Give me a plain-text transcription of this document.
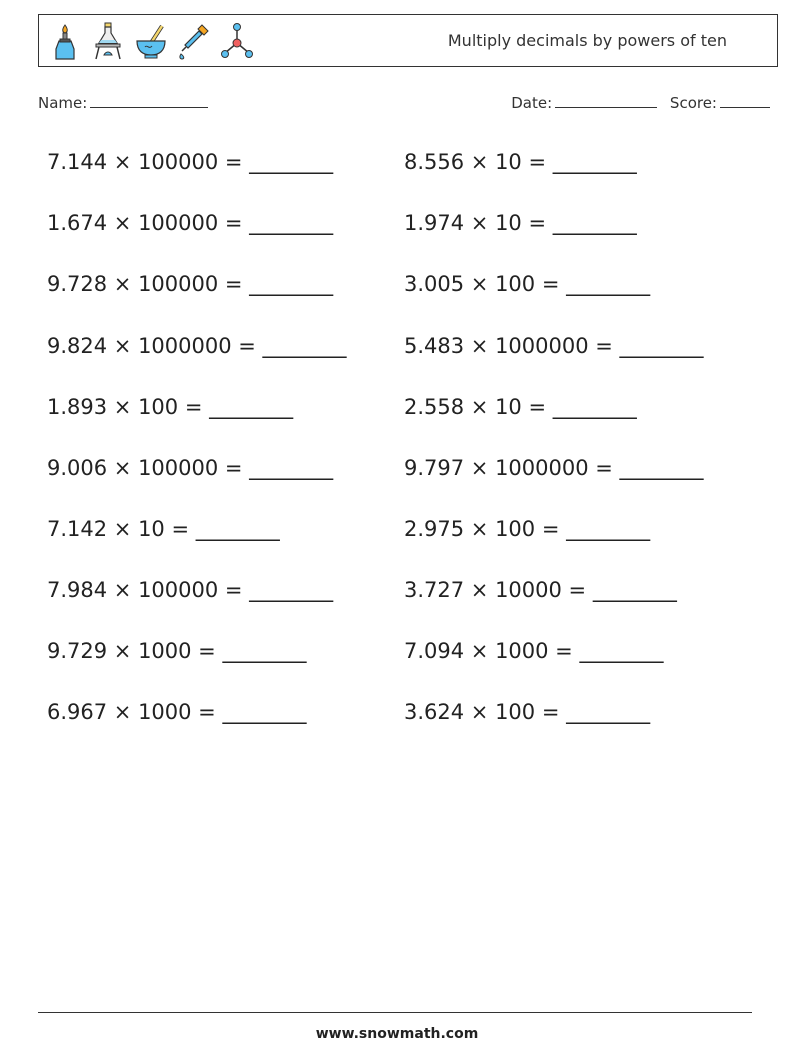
Multiply decimals by powers of ten
Name:	Date:	Score:
7.144 × 100000 = ________
1.674 × 100000 = ________
9.728 × 100000 = ________
9.824 × 1000000 = ________
1.893 × 100 = ________
9.006 × 100000 = ________
7.142 × 10 = ________
7.984 × 100000 = ________
9.729 × 1000 = ________
6.967 × 1000 = ________
8.556 × 10 = ________
1.974 × 10 = ________
3.005 × 100 = ________
5.483 × 1000000 = ________
2.558 × 10 = ________
9.797 × 1000000 = ________
2.975 × 100 = ________
3.727 × 10000 = ________
7.094 × 1000 = ________
3.624 × 100 = ________
www.snowmath.com
